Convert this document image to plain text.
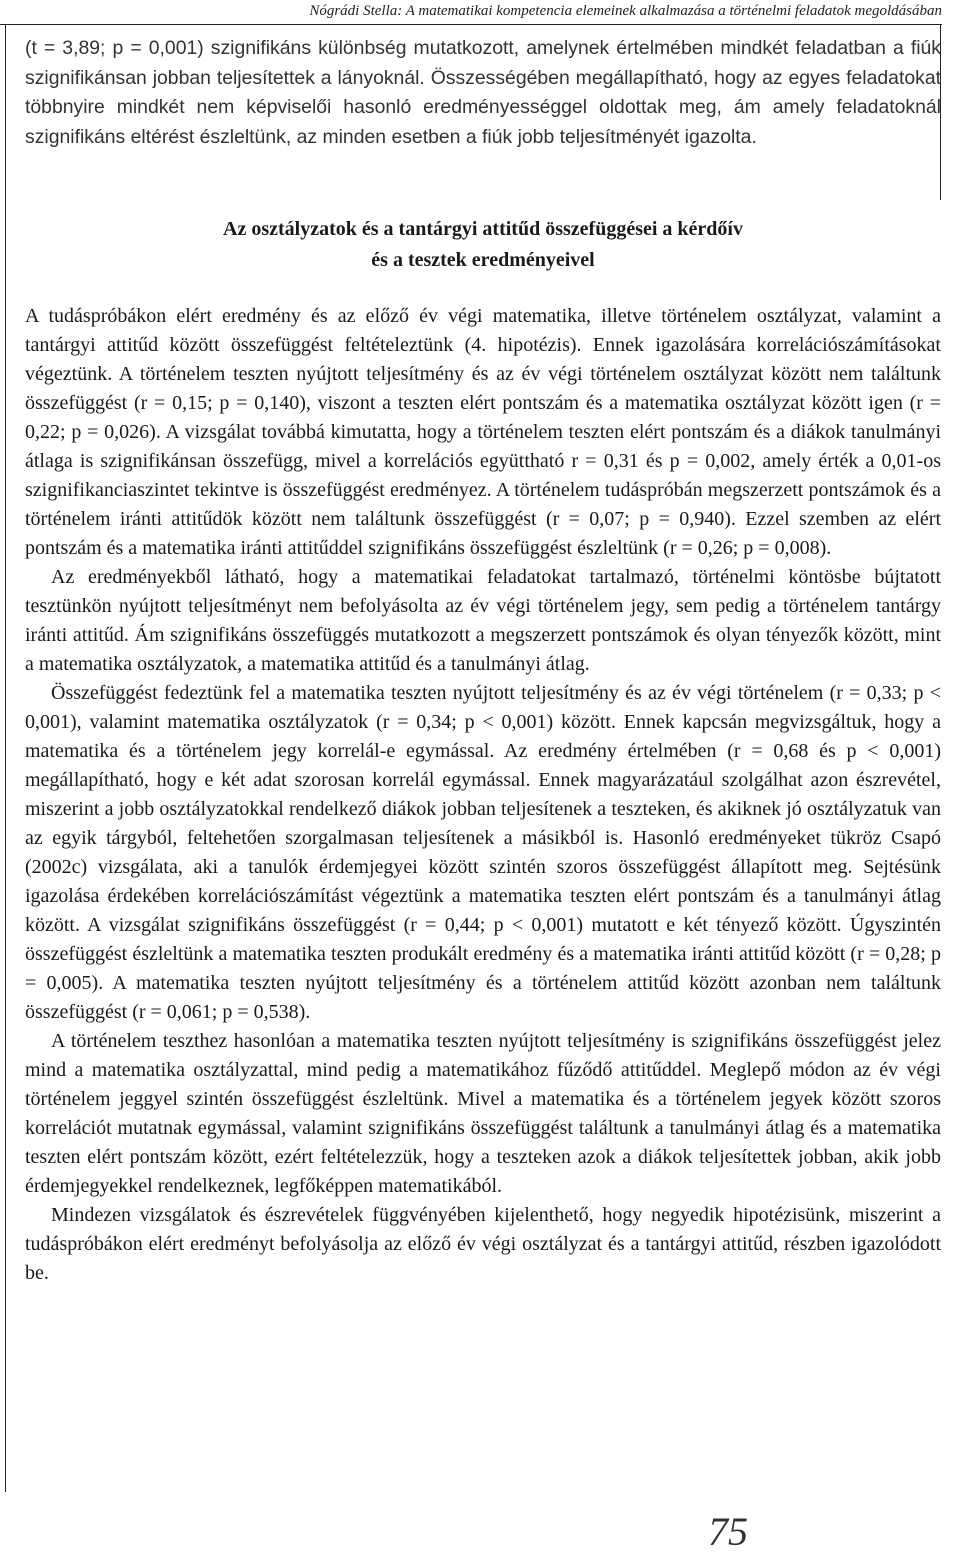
Nógrádi Stella: A matematikai kompetencia elemeinek alkalmazása a történelmi feladatok megoldásában

(t = 3,89; p = 0,001) szignifikáns különbség mutatkozott, amelynek értelmében mindkét feladatban a fiúk szignifikánsan jobban teljesítettek a lányoknál. Összességében megállapítható, hogy az egyes feladatokat többnyire mindkét nem képviselői hasonló eredményességgel oldottak meg, ám amely feladatoknál szignifikáns eltérést észleltünk, az minden esetben a fiúk jobb teljesítményét igazolta.

Az osztályzatok és a tantárgyi attitűd összefüggései a kérdőív
és a tesztek eredményeivel

A tudáspróbákon elért eredmény és az előző év végi matematika, illetve történelem osztályzat, valamint a tantárgyi attitűd között összefüggést feltételeztünk (4. hipotézis). Ennek igazolására korrelációszámításokat végeztünk. A történelem teszten nyújtott teljesítmény és az év végi történelem osztályzat között nem találtunk összefüggést (r = 0,15; p = 0,140), viszont a teszten elért pontszám és a matematika osztályzat között igen (r = 0,22; p = 0,026). A vizsgálat továbbá kimutatta, hogy a történelem teszten elért pontszám és a diákok tanulmányi átlaga is szignifikánsan összefügg, mivel a korrelációs együttható r = 0,31 és p = 0,002, amely érték a 0,01-os szignifikanciaszintet tekintve is összefüggést eredményez. A történelem tudáspróbán megszerzett pontszámok és a történelem iránti attitűdök között nem találtunk összefüggést (r = 0,07; p = 0,940). Ezzel szemben az elért pontszám és a matematika iránti attitűddel szignifikáns összefüggést észleltünk (r = 0,26; p = 0,008).

Az eredményekből látható, hogy a matematikai feladatokat tartalmazó, történelmi köntösbe bújtatott tesztünkön nyújtott teljesítményt nem befolyásolta az év végi történelem jegy, sem pedig a történelem tantárgy iránti attitűd. Ám szignifikáns összefüggés mutatkozott a megszerzett pontszámok és olyan tényezők között, mint a matematika osztályzatok, a matematika attitűd és a tanulmányi átlag.

Összefüggést fedeztünk fel a matematika teszten nyújtott teljesítmény és az év végi történelem (r = 0,33; p < 0,001), valamint matematika osztályzatok (r = 0,34; p < 0,001) között. Ennek kapcsán megvizsgáltuk, hogy a matematika és a történelem jegy korrelál-e egymással. Az eredmény értelmében (r = 0,68 és p < 0,001) megállapítható, hogy e két adat szorosan korrelál egymással. Ennek magyarázatául szolgálhat azon észrevétel, miszerint a jobb osztályzatokkal rendelkező diákok jobban teljesítenek a teszteken, és akiknek jó osztályzatuk van az egyik tárgyból, feltehetően szorgalmasan teljesítenek a másikból is. Hasonló eredményeket tükröz Csapó (2002c) vizsgálata, aki a tanulók érdemjegyei között szintén szoros összefüggést állapított meg. Sejtésünk igazolása érdekében korrelációszámítást végeztünk a matematika teszten elért pontszám és a tanulmányi átlag között. A vizsgálat szignifikáns összefüggést (r = 0,44; p < 0,001) mutatott e két tényező között. Úgyszintén összefüggést észleltünk a matematika teszten produkált eredmény és a matematika iránti attitűd között (r = 0,28; p = 0,005). A matematika teszten nyújtott teljesítmény és a történelem attitűd között azonban nem találtunk összefüggést (r = 0,061; p = 0,538).

A történelem teszthez hasonlóan a matematika teszten nyújtott teljesítmény is szignifikáns összefüggést jelez mind a matematika osztályzattal, mind pedig a matematikához fűződő attitűddel. Meglepő módon az év végi történelem jeggyel szintén összefüggést észleltünk. Mivel a matematika és a történelem jegyek között szoros korrelációt mutatnak egymással, valamint szignifikáns összefüggést találtunk a tanulmányi átlag és a matematika teszten elért pontszám között, ezért feltételezzük, hogy a teszteken azok a diákok teljesítettek jobban, akik jobb érdemjegyekkel rendelkeznek, legfőképpen matematikából.

Mindezen vizsgálatok és észrevételek függvényében kijelenthető, hogy negyedik hipotézisünk, miszerint a tudáspróbákon elért eredményt befolyásolja az előző év végi osztályzat és a tantárgyi attitűd, részben igazolódott be.

75
